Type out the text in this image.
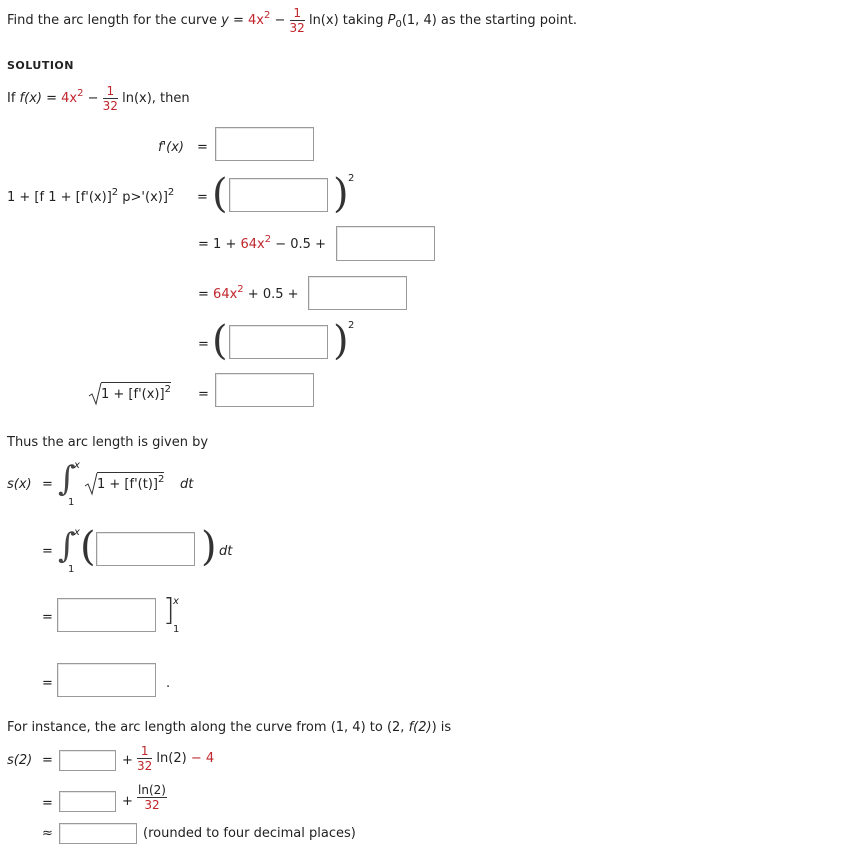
Find the arc length for the curve $y = 4x^2 - \frac{1}{32} \ln(x)$ taking $P_0(1$, 4) as the starting point.
SOLUTION
If $f(x) = 4x^2 - \frac{1}{32} \ln(x)$, then
f'(x) =
1 + [f $1 + [f'(x)]^2$ p>'(x)]$^2$ = (	) 2
= $1 + 64x^2 - 0.5$ +
= $64x^2 + 0.5$ +
= (	) 2
$1 + [f'(x)]^2$ =
Thus the arc length is given by
s(x) = ∫
x
1
$1 + [f'(t)]^2$ dt
= ∫
x
1 (	) dt
=	]
x
1
=	.
For instance, the arc length along the curve from (1, 4) to (2, f(2)) is
s(2) =	+ $\frac{1}{32} \ln(2) - 4$
=	+ $\frac{\ln(2)}{32}$
≈	(rounded to four decimal places)
